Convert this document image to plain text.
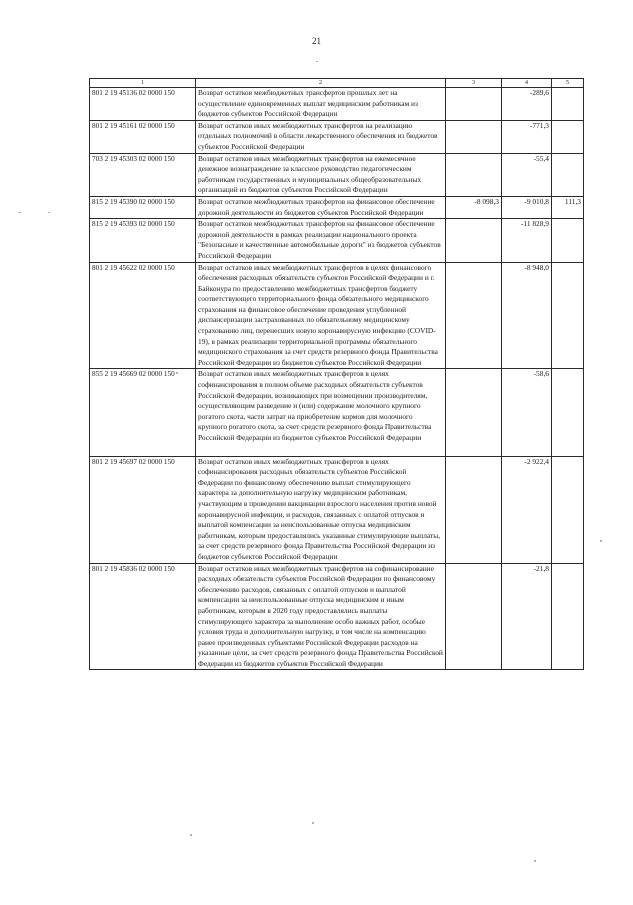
21
1	2	3	4	5
801 2 19 45136 02 0000 150	Возврат остатков межбюджетных трансфертов прошлых лет на осуществление единовременных выплат медицинским работникам из бюджетов субъектов Российской Федерации		-289,6	
801 2 19 45161 02 0000 150	Возврат остатков иных межбюджетных трансфертов на реализацию отдельных полномочий в области лекарственного обеспечения из бюджетов субъектов Российской Федерации		-771,3	
703 2 19 45303 02 0000 150	Возврат остатков иных межбюджетных трансфертов на ежемесячное денежное вознаграждение за классное руководство педагогическим работникам государственных и муниципальных общеобразовательных организаций из бюджетов субъектов Российской Федерации		-55,4	
815 2 19 45390 02 0000 150	Возврат остатков межбюджетных трансфертов на финансовое обеспечение дорожной деятельности из бюджетов субъектов Российской Федерации	-8 098,3	-9 010,8	111,3
815 2 19 45393 02 0000 150	Возврат остатков межбюджетных трансфертов на финансовое обеспечение дорожной деятельности в рамках реализации национального проекта "Безопасные и качественные автомобильные дороги" из бюджетов субъектов Российской Федерации		-11 828,9	
801 2 19 45622 02 0000 150	Возврат остатков иных межбюджетных трансфертов в целях финансового обеспечения расходных обязательств субъектов Российской Федерации и г. Байконура по предоставлению межбюджетных трансфертов бюджету соответствующего территориального фонда обязательного медицинского страхования на финансовое обеспечение проведения углубленной диспансеризации застрахованных по обязательному медицинскому страхованию лиц, перенесших новую коронавирусную инфекцию (COVID-19), в рамках реализации территориальной программы обязательного медицинского страхования за счет средств резервного фонда Правительства Российской Федерации из бюджетов субъектов Российской Федерации		-8 948,0	
855 2 19 45669 02 0000 150	Возврат остатков иных межбюджетных трансфертов в целях софинансирования в полном объеме расходных обязательств субъектов Российской Федерации, возникающих при возмещении производителям, осуществляющим разведение и (или) содержание молочного крупного рогатого скота, части затрат на приобретение кормов для молочного крупного рогатого скота, за счет средств резервного фонда Правительства Российской Федерации из бюджетов субъектов Российской Федерации		-58,6	
801 2 19 45697 02 0000 150	Возврат остатков иных межбюджетных трансфертов в целях софинансирования расходных обязательств субъектов Российской Федерации по финансовому обеспечению выплат стимулирующего характера за дополнительную нагрузку медицинским работникам, участвующим в проведении вакцинации взрослого населения против новой коронавирусной инфекции, и расходов, связанных с оплатой отпусков и выплатой компенсации за неиспользованные отпуска медицинским работникам, которым предоставлялись указанные стимулирующие выплаты, за счет средств резервного фонда Правительства Российской Федерации из бюджетов субъектов Российской Федерации		-2 922,4	
801 2 19 45836 02 0000 150	Возврат остатков иных межбюджетных трансфертов на софинансирование расходных обязательств субъектов Российской Федерации по финансовому обеспечению расходов, связанных с оплатой отпусков и выплатой компенсации за неиспользованные отпуска медицинским и иным работникам, которым в 2020 году предоставлялись выплаты стимулирующего характера за выполнение особо важных работ, особые условия труда и дополнительную нагрузку, в том числе на компенсацию ранее произведенных субъектами Российской Федерации расходов на указанные цели, за счет средств резервного фонда Правительства Российской Федерации из бюджетов субъектов Российской Федерации		-21,8	
